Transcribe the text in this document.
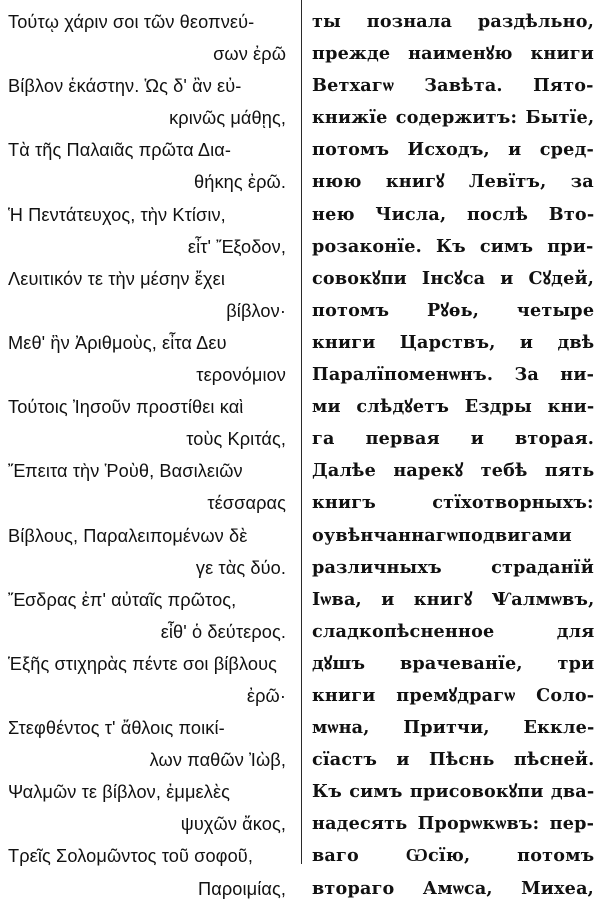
Τούτῳ χάριν σοι τῶν θεοπνεύ-
σων ἐρῶ
Βίβλον ἑκάστην. Ὡς δ' ἂν εὐ-
κρινῶς μάθῃς,
Τὰ τῆς Παλαιᾶς πρῶτα Δια-
θήκης ἐρῶ.
Ἡ Πεντάτευχος, τὴν Κτίσιν,
εἶτ' Ἔξοδον,
Λευιτικόν τε τὴν μέσην ἔχει
βίβλον·
Μεθ' ἣν Ἀριθμοὺς, εἶτα Δευ
τερονόμιον
Τούτοις Ἰησοῦν προστίθει καὶ
τοὺς Κριτάς,
Ἔπειτα τὴν Ῥοὺθ, Βασιλειῶν
τέσσαρας
Βίβλους, Παραλειπομένων δὲ
γε τὰς δύο.
Ἔσδρας ἐπ' αὐταῖς πρῶτος,
εἶθ' ὁ δεύτερος.
Ἑξῆς στιχηρὰς πέντε σοι βίβλους
ἐρῶ·
Στεφθέντος τ' ἄθλοις ποικί-
λων παθῶν Ἰὼβ,
Ψαλμῶν τε βίβλον, ἐμμελὲς
ψυχῶν ἄκος,
Τρεῖς Σολομῶντος τοῦ σοφοῦ,
Παροιμίας,
ты познала раздѣльно,
прежде наименꙋю книги
Ветхагѡ Завѣта. Пято-
книжїе содержитъ: Бытїе,
потомъ Исходъ, и сред-
нюю книгꙋ Левїтъ, за
нею Числа, послѣ Вто-
розаконїе. Къ симъ при-
совокꙋпи Інсꙋса и Сꙋдей,
потомъ Рꙋѳь, четыре
книги Царствъ, и двѣ
Паралїпоменѡнъ. За ни-
ми слѣдꙋетъ Ездры кни-
га первая и вторая.
Далѣе нарекꙋ тебѣ пять
книгъ стїхотворныхъ:
оувѣнчаннагѡподвигами
различныхъ страданїй
Іѡва, и книгꙋ Ѱалмѡвъ,
сладкопѣсненное для
дꙋшъ врачеванїе, три
книги премꙋдрагѡ Соло-
мѡна, Притчи, Еккле-
сїастъ и Пѣснь пѣсней.
Къ симъ присовокꙋпи два-
надесять Прорѡкѡвъ: пер-
ваго Ѡсїю, потомъ
втораго Амѡса, Михеа,
